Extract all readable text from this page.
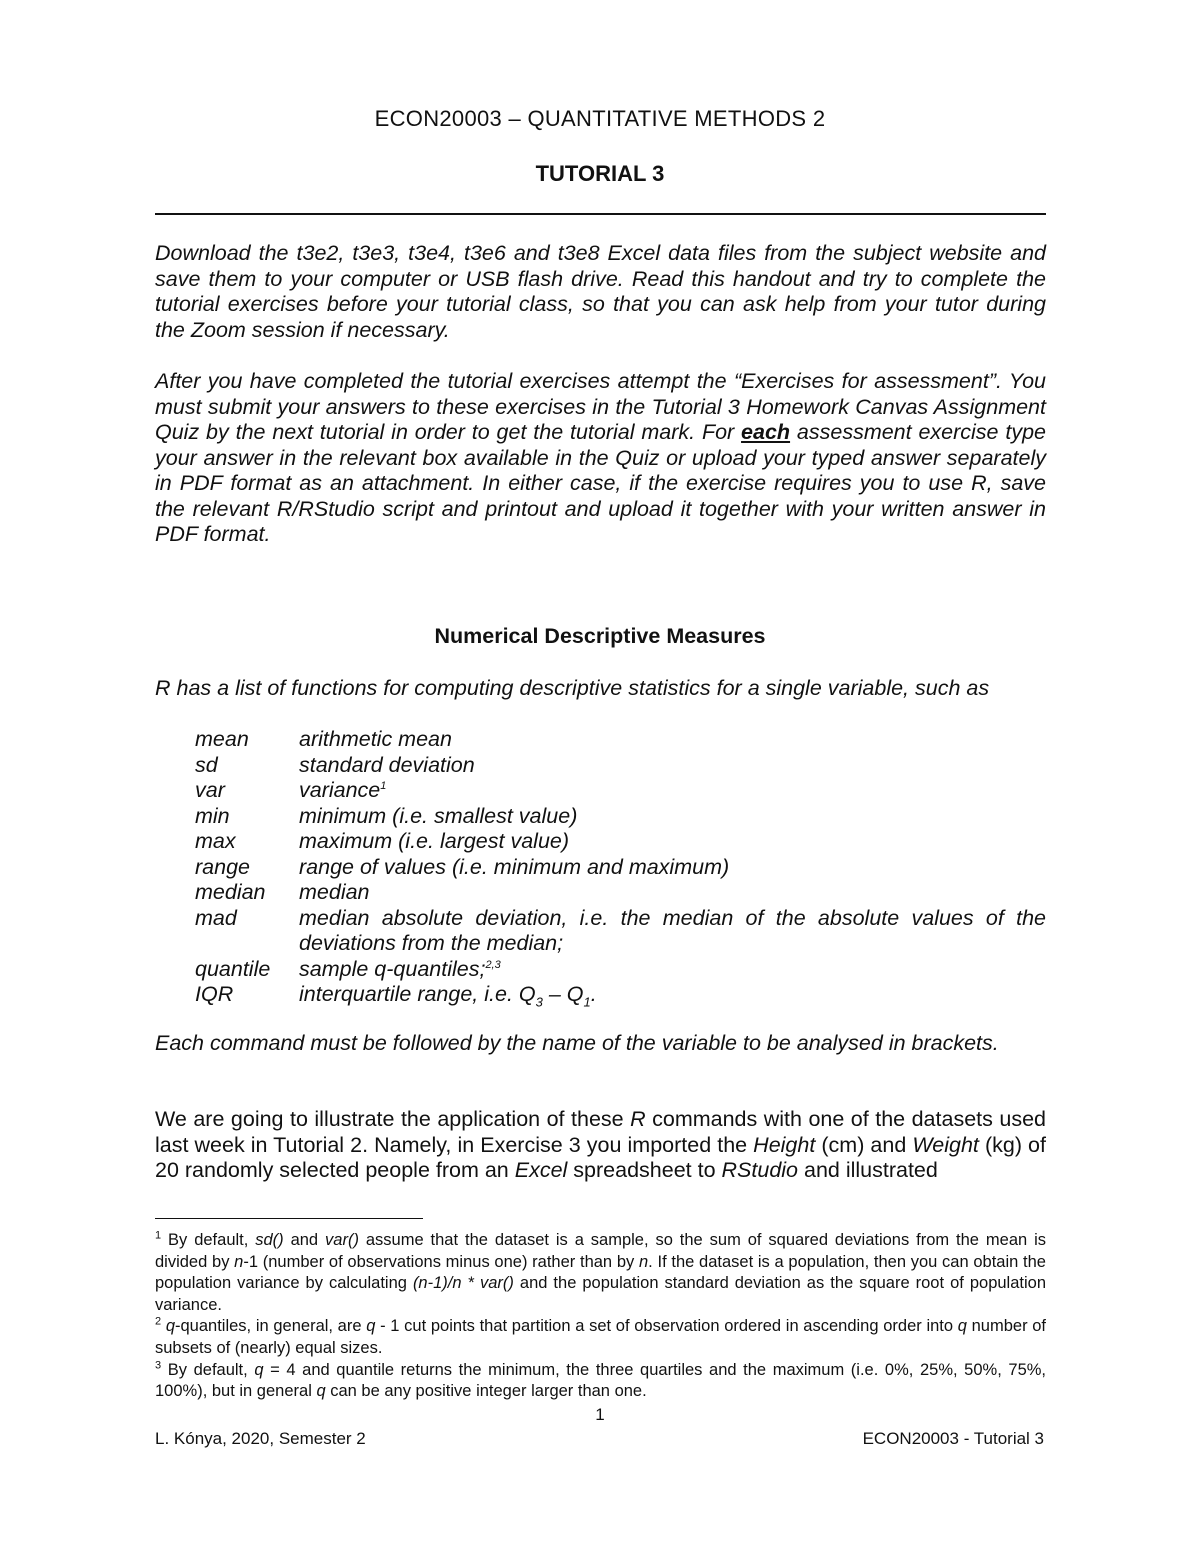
ECON20003 – QUANTITATIVE METHODS 2
TUTORIAL 3
Download the t3e2, t3e3, t3e4, t3e6 and t3e8 Excel data files from the subject website and save them to your computer or USB flash drive. Read this handout and try to complete the tutorial exercises before your tutorial class, so that you can ask help from your tutor during the Zoom session if necessary.
After you have completed the tutorial exercises attempt the “Exercises for assessment”. You must submit your answers to these exercises in the Tutorial 3 Homework Canvas Assignment Quiz by the next tutorial in order to get the tutorial mark. For each assessment exercise type your answer in the relevant box available in the Quiz or upload your typed answer separately in PDF format as an attachment. In either case, if the exercise requires you to use R, save the relevant R/RStudio script and printout and upload it together with your written answer in PDF format.
Numerical Descriptive Measures
R has a list of functions for computing descriptive statistics for a single variable, such as
mean	arithmetic mean
sd	standard deviation
var	variance$^1$
min	minimum (i.e. smallest value)
max	maximum (i.e. largest value)
range	range of values (i.e. minimum and maximum)
median	median
mad	median absolute deviation, i.e. the median of the absolute values of the deviations from the median;
quantile	sample q-quantiles;$^{2,3}$
IQR	interquartile range, i.e. $Q_3 - Q_1$.
Each command must be followed by the name of the variable to be analysed in brackets.
We are going to illustrate the application of these R commands with one of the datasets used last week in Tutorial 2. Namely, in Exercise 3 you imported the Height (cm) and Weight (kg) of 20 randomly selected people from an Excel spreadsheet to RStudio and illustrated

$^1$ By default, sd() and var() assume that the dataset is a sample, so the sum of squared deviations from the mean is divided by n-1 (number of observations minus one) rather than by n. If the dataset is a population, then you can obtain the population variance by calculating (n-1)/n * var() and the population standard deviation as the square root of population variance.

$^2$ q-quantiles, in general, are q - 1 cut points that partition a set of observation ordered in ascending order into q number of subsets of (nearly) equal sizes.

$^3$ By default, q = 4 and quantile returns the minimum, the three quartiles and the maximum (i.e. 0%, 25%, 50%, 75%, 100%), but in general q can be any positive integer larger than one.

1
L. Kónya, 2020, Semester 2	ECON20003 - Tutorial 3
